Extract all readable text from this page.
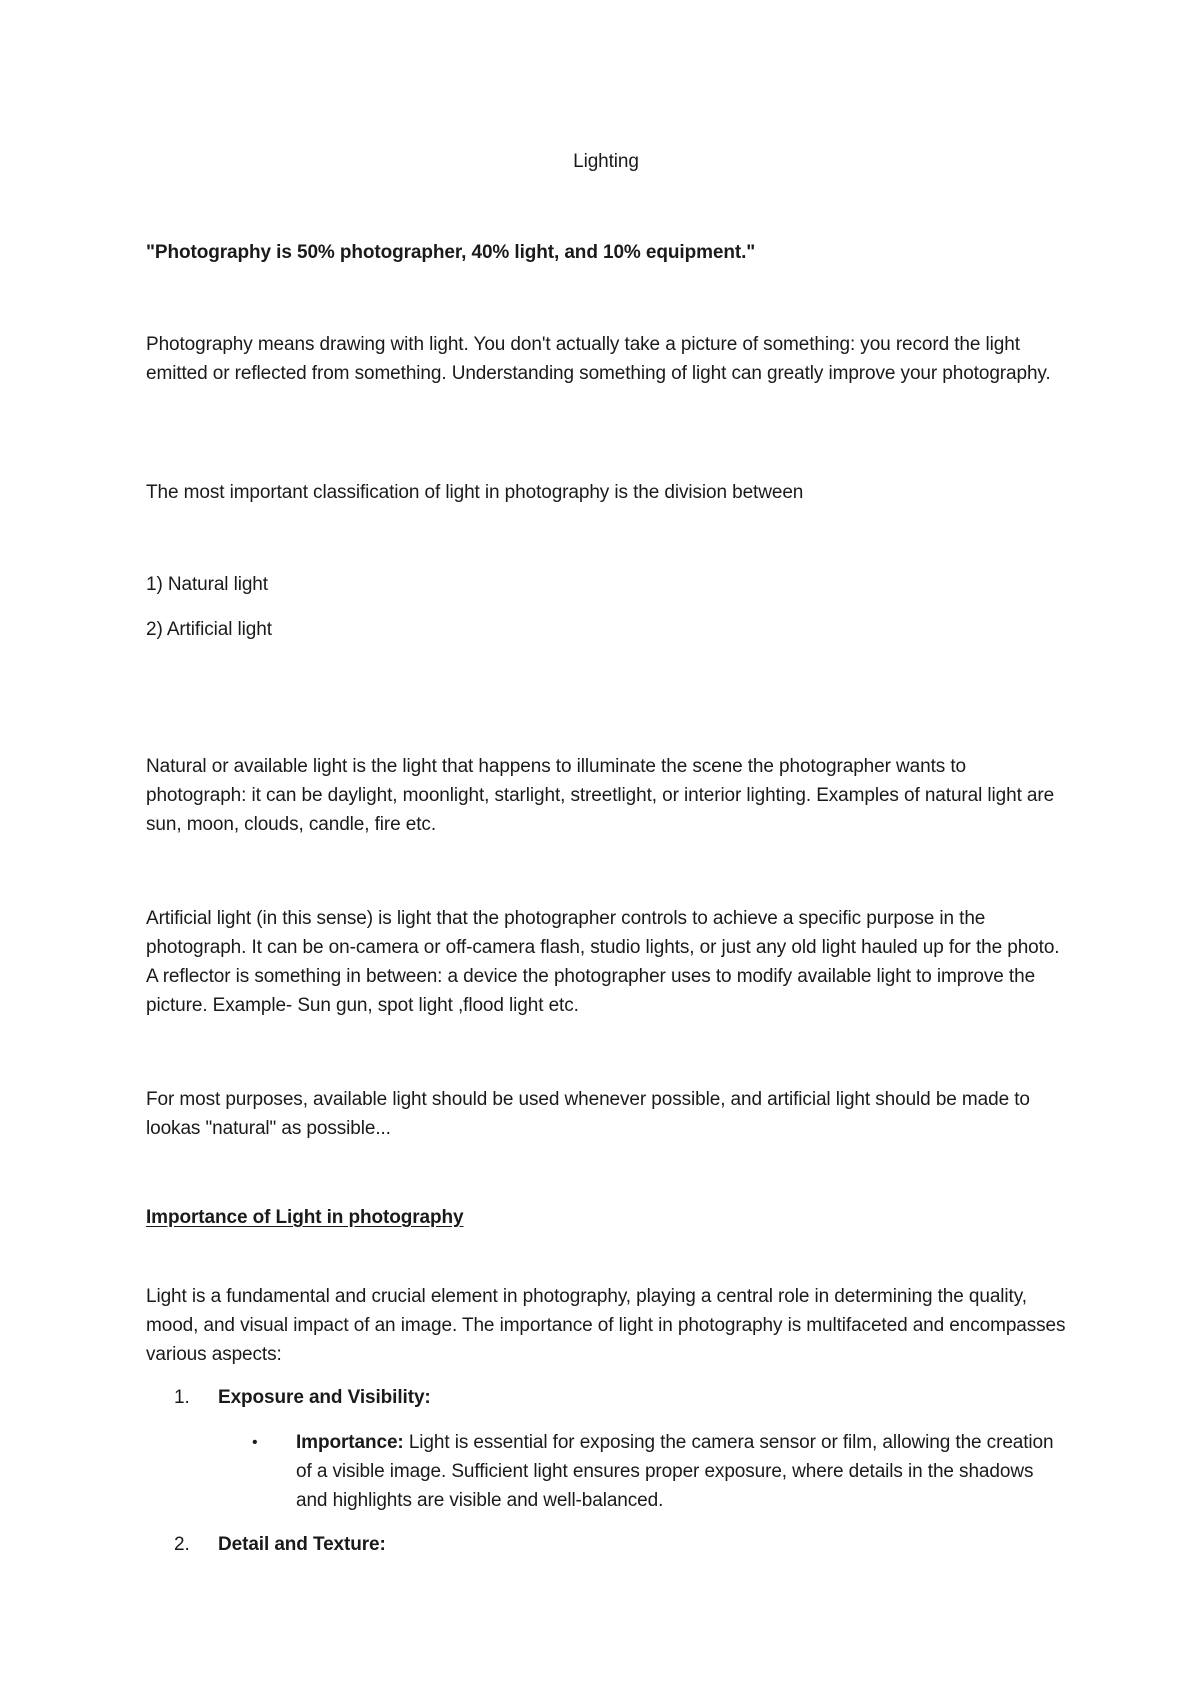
Lighting
"Photography is 50% photographer, 40% light, and 10% equipment."
Photography means drawing with light. You don't actually take a picture of something: you record the light emitted or reflected from something. Understanding something of light can greatly improve your photography.
The most important classification of light in photography is the division between
1) Natural light
2) Artificial light
Natural or available light is the light that happens to illuminate the scene the photographer wants to photograph: it can be daylight, moonlight, starlight, streetlight, or interior lighting. Examples of natural light are sun, moon, clouds, candle, fire etc.
Artificial light (in this sense) is light that the photographer controls to achieve a specific purpose in the photograph. It can be on-camera or off-camera flash, studio lights, or just any old light hauled up for the photo. A reflector is something in between: a device the photographer uses to modify available light to improve the picture. Example- Sun gun, spot light ,flood light etc.
For most purposes, available light should be used whenever possible, and artificial light should be made to lookas "natural" as possible...
Importance of Light in photography
Light is a fundamental and crucial element in photography, playing a central role in determining the quality, mood, and visual impact of an image. The importance of light in photography is multifaceted and encompasses various aspects:
1.	Exposure and Visibility:
•	Importance: Light is essential for exposing the camera sensor or film, allowing the creation of a visible image. Sufficient light ensures proper exposure, where details in the shadows and highlights are visible and well-balanced.
2.	Detail and Texture:
